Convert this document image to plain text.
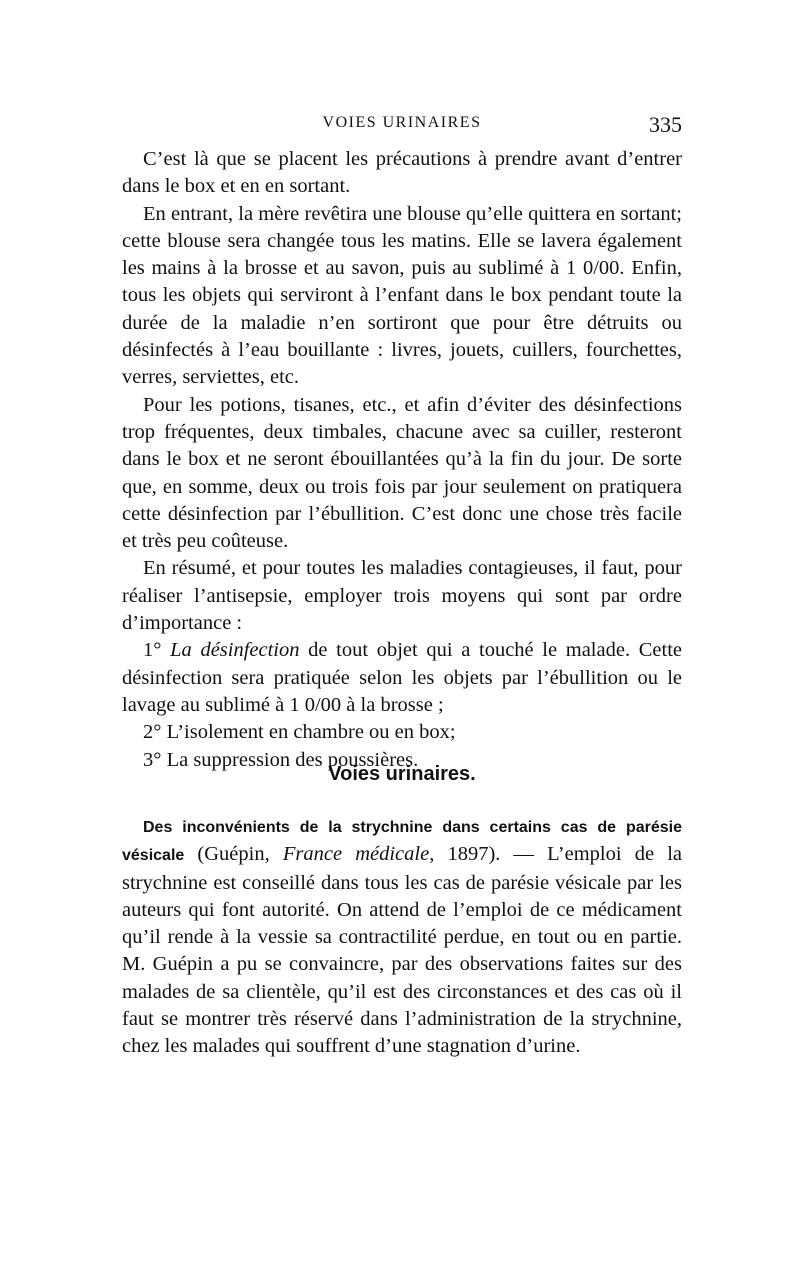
VOIES URINAIRES	335

C’est là que se placent les précautions à prendre avant d’entrer dans le box et en en sortant.

En entrant, la mère revêtira une blouse qu’elle quittera en sortant; cette blouse sera changée tous les matins. Elle se lavera également les mains à la brosse et au savon, puis au sublimé à 1 0/00. Enfin, tous les objets qui serviront à l’enfant dans le box pendant toute la durée de la maladie n’en sortiront que pour être détruits ou désinfectés à l’eau bouillante : livres, jouets, cuillers, fourchettes, verres, serviettes, etc.

Pour les potions, tisanes, etc., et afin d’éviter des désinfections trop fréquentes, deux timbales, chacune avec sa cuiller, resteront dans le box et ne seront ébouillantées qu’à la fin du jour. De sorte que, en somme, deux ou trois fois par jour seulement on pratiquera cette désinfection par l’ébullition. C’est donc une chose très facile et très peu coûteuse.

En résumé, et pour toutes les maladies contagieuses, il faut, pour réaliser l’antisepsie, employer trois moyens qui sont par ordre d’importance :

1° La désinfection de tout objet qui a touché le malade. Cette désinfection sera pratiquée selon les objets par l’ébullition ou le lavage au sublimé à 1 0/00 à la brosse ;

2° L’isolement en chambre ou en box;

3° La suppression des poussières.

Voies urinaires.

Des inconvénients de la strychnine dans certains cas de parésie vésicale (Guépin, France médicale, 1897). — L’emploi de la strychnine est conseillé dans tous les cas de parésie vésicale par les auteurs qui font autorité. On attend de l’emploi de ce médicament qu’il rende à la vessie sa contractilité perdue, en tout ou en partie. M. Guépin a pu se convaincre, par des observations faites sur des malades de sa clientèle, qu’il est des circonstances et des cas où il faut se montrer très réservé dans l’administration de la strychnine, chez les malades qui souffrent d’une stagnation d’urine.
